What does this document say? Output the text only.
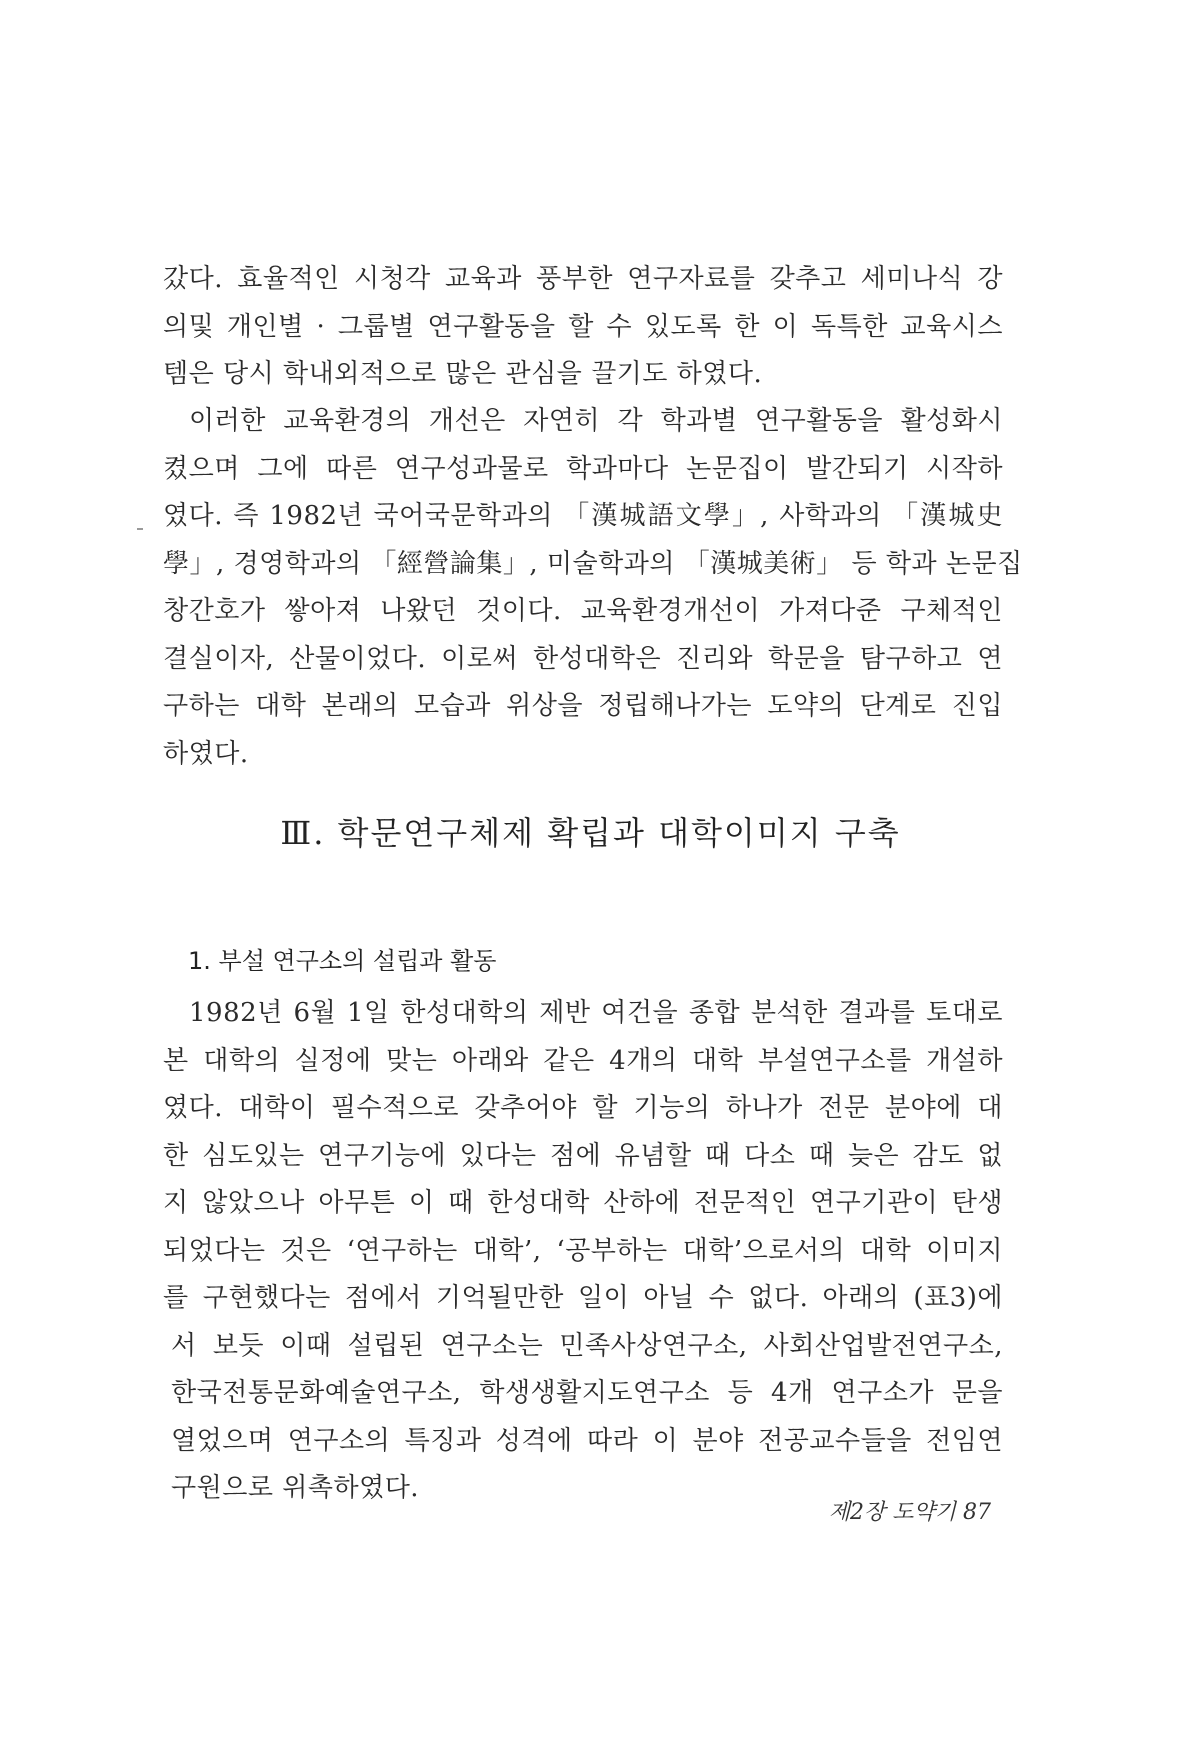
갔다. 효율적인 시청각 교육과 풍부한 연구자료를 갖추고 세미나식 강
의및 개인별 · 그룹별 연구활동을 할 수 있도록 한 이 독특한 교육시스
템은 당시 학내외적으로 많은 관심을 끌기도 하였다.

이러한 교육환경의 개선은 자연히 각 학과별 연구활동을 활성화시
켰으며 그에 따른 연구성과물로 학과마다 논문집이 발간되기 시작하
였다. 즉 1982년 국어국문학과의 「漢城語文學」, 사학과의 「漢城史
學」, 경영학과의 「經營論集」, 미술학과의 「漢城美術」 등 학과 논문집
창간호가 쌓아져 나왔던 것이다. 교육환경개선이 가져다준 구체적인
결실이자, 산물이었다. 이로써 한성대학은 진리와 학문을 탐구하고 연
구하는 대학 본래의 모습과 위상을 정립해나가는 도약의 단계로 진입
하였다.

Ⅲ. 학문연구체제 확립과 대학이미지 구축
1. 부설 연구소의 설립과 활동

1982년 6월 1일 한성대학의 제반 여건을 종합 분석한 결과를 토대로
본 대학의 실정에 맞는 아래와 같은 4개의 대학 부설연구소를 개설하
였다. 대학이 필수적으로 갖추어야 할 기능의 하나가 전문 분야에 대
한 심도있는 연구기능에 있다는 점에 유념할 때 다소 때 늦은 감도 없
지 않았으나 아무튼 이 때 한성대학 산하에 전문적인 연구기관이 탄생
되었다는 것은 ‘연구하는 대학’, ‘공부하는 대학’으로서의 대학 이미지
를 구현했다는 점에서 기억될만한 일이 아닐 수 없다. 아래의 (표3)에
서 보듯 이때 설립된 연구소는 민족사상연구소, 사회산업발전연구소,
한국전통문화예술연구소, 학생생활지도연구소 등 4개 연구소가 문을
열었으며 연구소의 특징과 성격에 따라 이 분야 전공교수들을 전임연
구원으로 위촉하였다.

제2장 도약기 87
